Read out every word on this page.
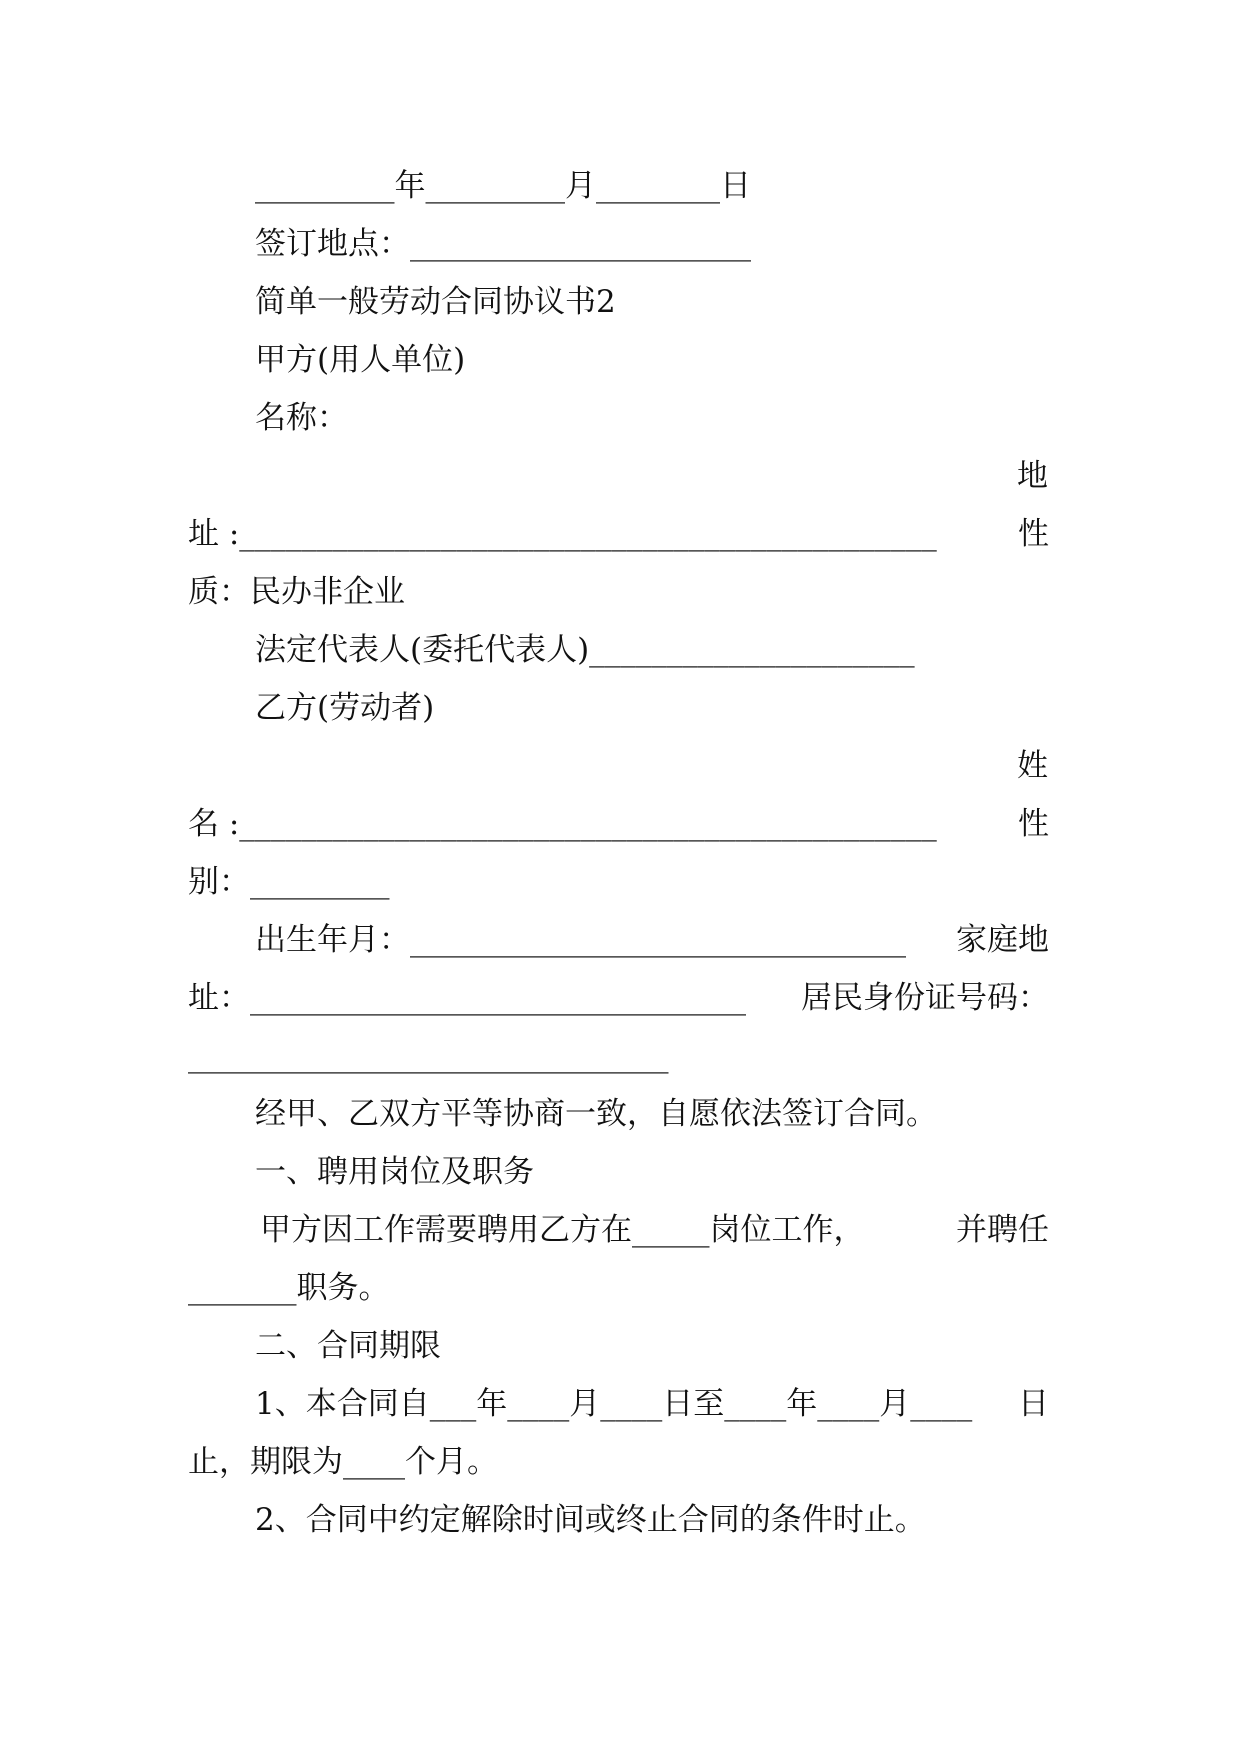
_________年_________月________日
签订地点：______________________
简单一般劳动合同协议书2
甲方(用人单位)
名称：
地
址 :_____________________________________________	性
质：民办非企业
法定代表人(委托代表人)_____________________
乙方(劳动者)
姓
名 :_____________________________________________	性
别：_________
出生年月：________________________________ 家庭地
址：________________________________ 居民身份证号码：
_______________________________
经甲、乙双方平等协商一致，自愿依法签订合同。
一、聘用岗位及职务
甲方因工作需要聘用乙方在_____岗位工作，	并聘任
_______职务。
二、合同期限
1、本合同自___年____月____日至____年____月____ 日
止，期限为____个月。
2、合同中约定解除时间或终止合同的条件时止。
